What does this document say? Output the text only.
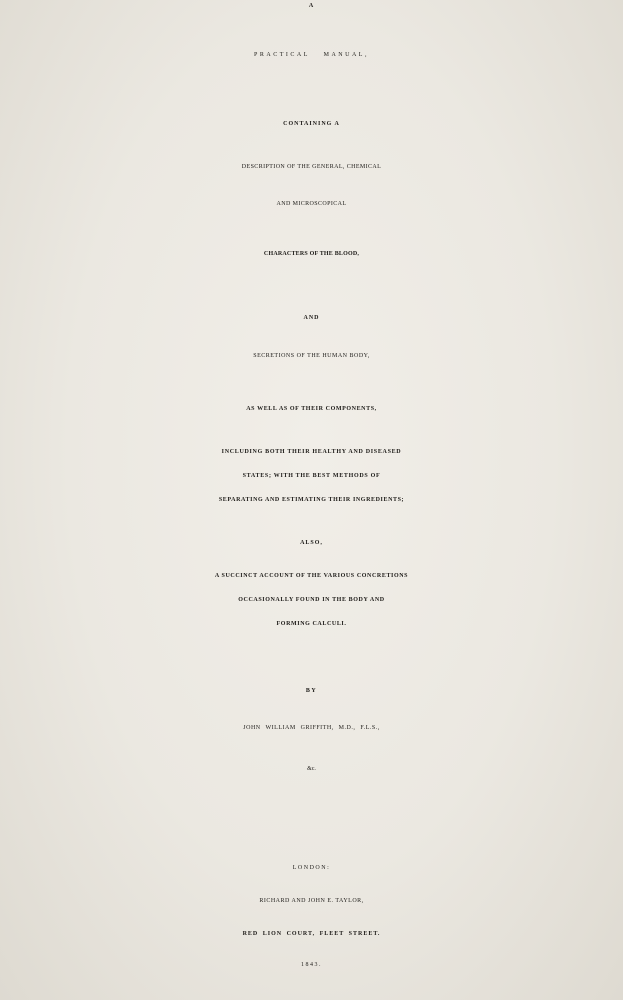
A
PRACTICAL MANUAL,
CONTAINING A
DESCRIPTION OF THE GENERAL, CHEMICAL
AND MICROSCOPICAL
CHARACTERS OF THE BLOOD,
AND
SECRETIONS OF THE HUMAN BODY,
AS WELL AS OF THEIR COMPONENTS,
INCLUDING BOTH THEIR HEALTHY AND DISEASED
STATES; WITH THE BEST METHODS OF
SEPARATING AND ESTIMATING THEIR INGREDIENTS;
ALSO,
A SUCCINCT ACCOUNT OF THE VARIOUS CONCRETIONS
OCCASIONALLY FOUND IN THE BODY AND
FORMING CALCULI.
BY
JOHN WILLIAM GRIFFITH, M.D., F.L.S.,
&c.
LONDON:
RICHARD AND JOHN E. TAYLOR,
RED LION COURT, FLEET STREET.
1843.
